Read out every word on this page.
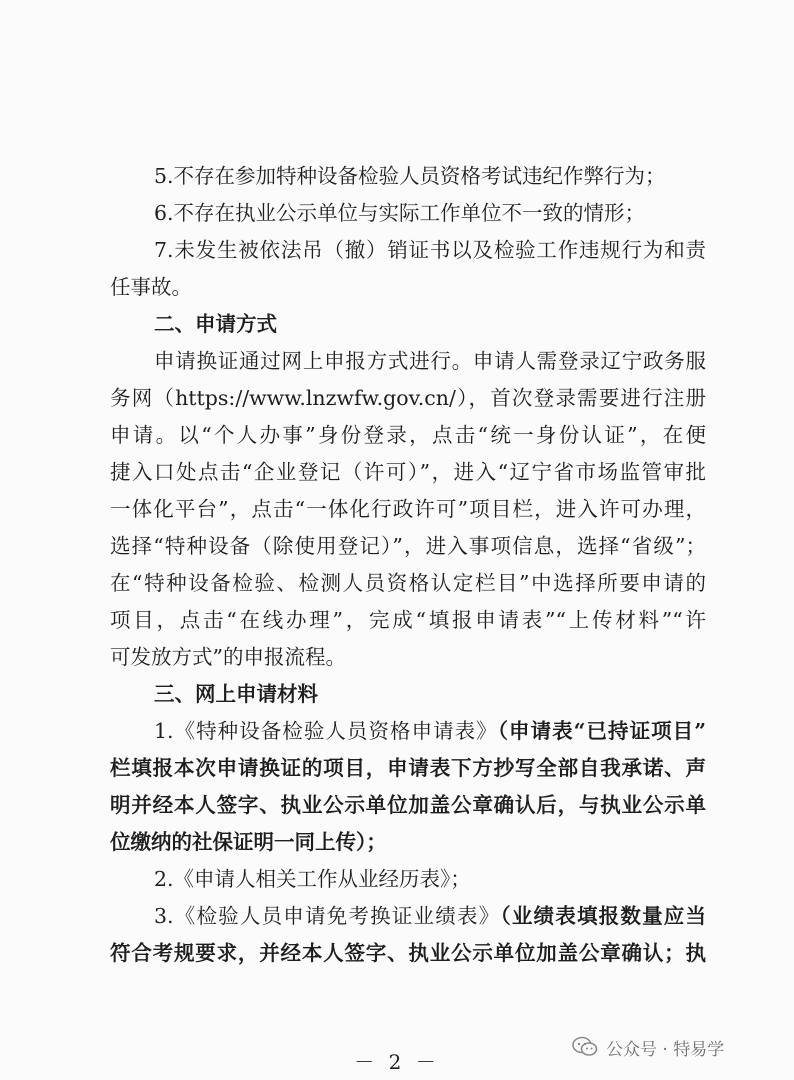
5.不存在参加特种设备检验人员资格考试违纪作弊行为；
6.不存在执业公示单位与实际工作单位不一致的情形；
7.未发生被依法吊（撤）销证书以及检验工作违规行为和责
任事故。
二、申请方式
申请换证通过网上申报方式进行。申请人需登录辽宁政务服
务网（https://www.lnzwfw.gov.cn/），首次登录需要进行注册
申请。以“个人办事”身份登录，点击“统一身份认证”，在便
捷入口处点击“企业登记（许可）”，进入“辽宁省市场监管审批
一体化平台”，点击“一体化行政许可”项目栏，进入许可办理，
选择“特种设备（除使用登记）”，进入事项信息，选择“省级”；
在“特种设备检验、检测人员资格认定栏目”中选择所要申请的
项目，点击“在线办理”，完成“填报申请表”“上传材料”“许
可发放方式”的申报流程。
三、网上申请材料
1.《特种设备检验人员资格申请表》（申请表“已持证项目”
栏填报本次申请换证的项目，申请表下方抄写全部自我承诺、声
明并经本人签字、执业公示单位加盖公章确认后，与执业公示单
位缴纳的社保证明一同上传）；
2.《申请人相关工作从业经历表》；
3.《检验人员申请免考换证业绩表》（业绩表填报数量应当
符合考规要求，并经本人签字、执业公示单位加盖公章确认；执
－ 2 －
公众号 · 特易学
